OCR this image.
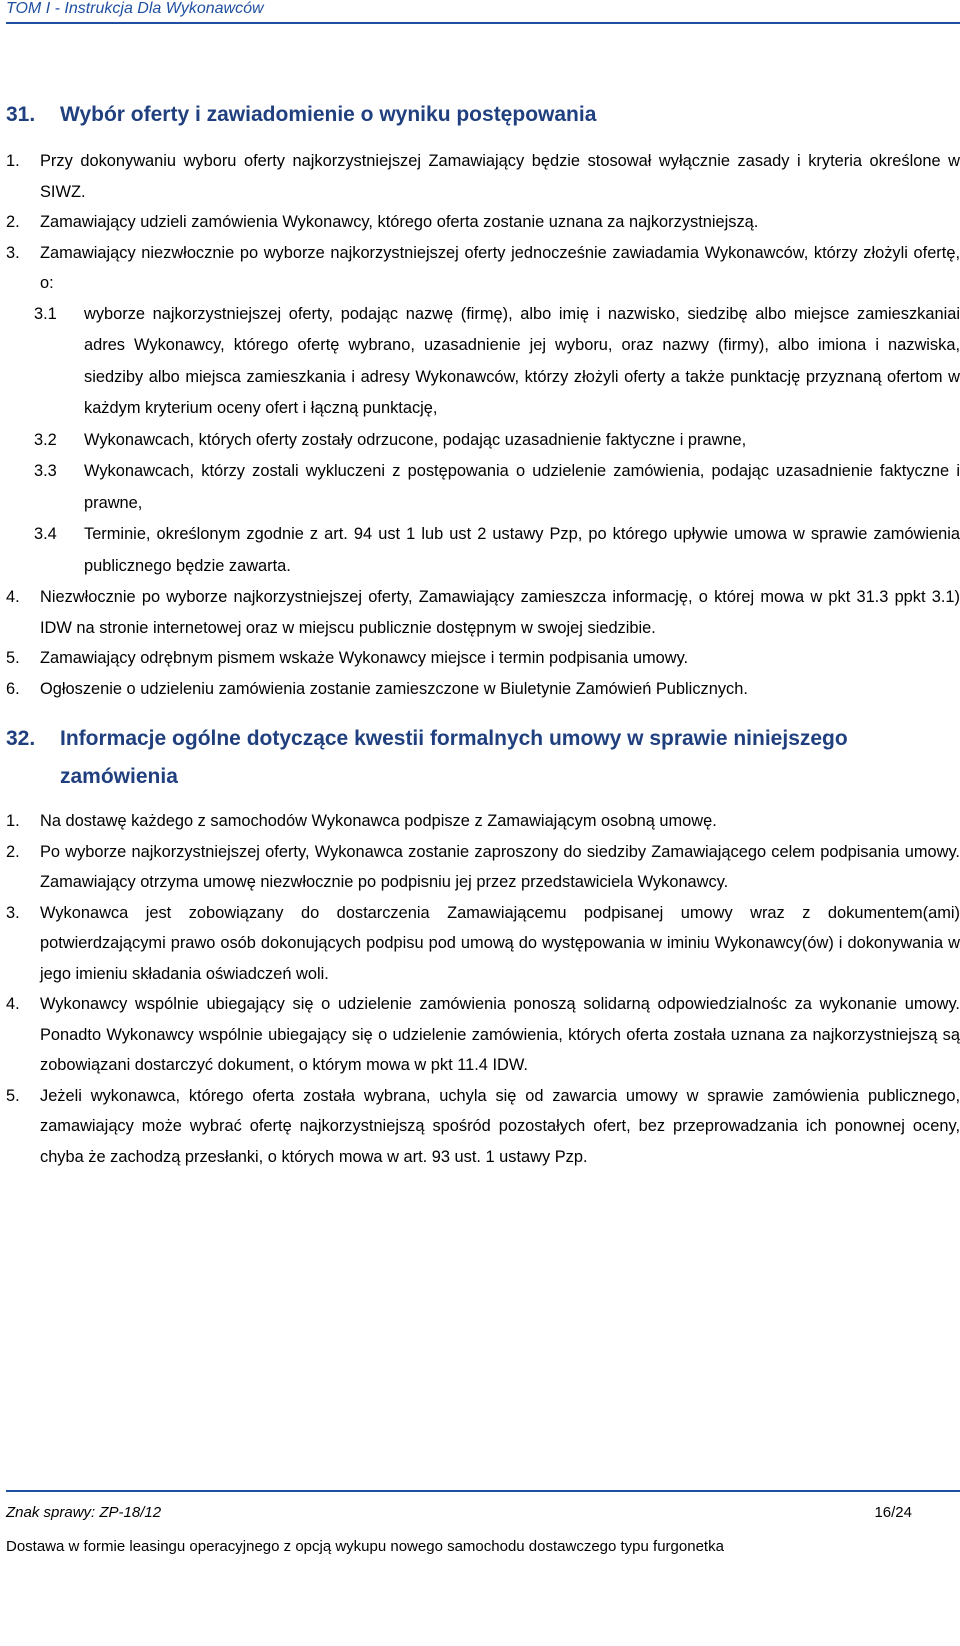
TOM I - Instrukcja Dla Wykonawców
31.	Wybór oferty i zawiadomienie o wyniku postępowania
1.	Przy dokonywaniu wyboru oferty najkorzystniejszej Zamawiający będzie stosował wyłącznie zasady i kryteria określone w SIWZ.
2.	Zamawiający udzieli zamówienia Wykonawcy, którego oferta zostanie uznana za najkorzystniejszą.
3.	Zamawiający niezwłocznie po wyborze najkorzystniejszej oferty jednocześnie zawiadamia Wykonawców, którzy złożyli ofertę, o:
3.1	wyborze najkorzystniejszej oferty, podając nazwę (firmę), albo imię i nazwisko, siedzibę albo miejsce zamieszkaniai adres Wykonawcy, którego ofertę wybrano, uzasadnienie jej wyboru, oraz nazwy (firmy), albo imiona i nazwiska, siedziby albo miejsca zamieszkania i adresy Wykonawców, którzy złożyli oferty a także punktację przyznaną ofertom w każdym kryterium oceny ofert i łączną punktację,
3.2	Wykonawcach, których oferty zostały odrzucone, podając uzasadnienie faktyczne i prawne,
3.3	Wykonawcach, którzy zostali wykluczeni z postępowania o udzielenie zamówienia, podając uzasadnienie faktyczne i prawne,
3.4	Terminie, określonym zgodnie z art. 94 ust 1 lub ust 2 ustawy Pzp, po którego upływie umowa w sprawie zamówienia publicznego będzie zawarta.
4.	Niezwłocznie po wyborze najkorzystniejszej oferty, Zamawiający zamieszcza informację, o której mowa w pkt 31.3 ppkt 3.1) IDW na stronie internetowej oraz w miejscu publicznie dostępnym w swojej siedzibie.
5.	Zamawiający odrębnym pismem wskaże Wykonawcy miejsce i termin podpisania umowy.
6.	Ogłoszenie o udzieleniu zamówienia zostanie zamieszczone w Biuletynie Zamówień Publicznych.
32.	Informacje ogólne dotyczące kwestii formalnych umowy w sprawie niniejszego zamówienia
1.	Na dostawę każdego z samochodów Wykonawca podpisze z Zamawiającym osobną umowę.
2.	Po wyborze najkorzystniejszej oferty, Wykonawca zostanie zaproszony do siedziby Zamawiającego celem podpisania umowy. Zamawiający otrzyma umowę niezwłocznie po podpisniu jej przez przedstawiciela Wykonawcy.
3.	Wykonawca jest zobowiązany do dostarczenia Zamawiającemu podpisanej umowy wraz z dokumentem(ami) potwierdzającymi prawo osób dokonujących podpisu pod umową do występowania w iminiu Wykonawcy(ów) i dokonywania w jego imieniu składania oświadczeń woli.
4.	Wykonawcy wspólnie ubiegający się o udzielenie zamówienia ponoszą solidarną odpowiedzialnośc za wykonanie umowy. Ponadto Wykonawcy wspólnie ubiegający się o udzielenie zamówienia, których oferta została uznana za najkorzystniejszą są zobowiązani dostarczyć dokument, o którym mowa w pkt 11.4 IDW.
5.	Jeżeli wykonawca, którego oferta została wybrana, uchyla się od zawarcia umowy w sprawie zamówienia publicznego, zamawiający może wybrać ofertę najkorzystniejszą spośród pozostałych ofert, bez przeprowadzania ich ponownej oceny, chyba że zachodzą przesłanki, o których mowa w art. 93 ust. 1 ustawy Pzp.
Znak sprawy: ZP-18/12	16/24
Dostawa w formie leasingu operacyjnego z opcją wykupu nowego samochodu dostawczego typu furgonetka
